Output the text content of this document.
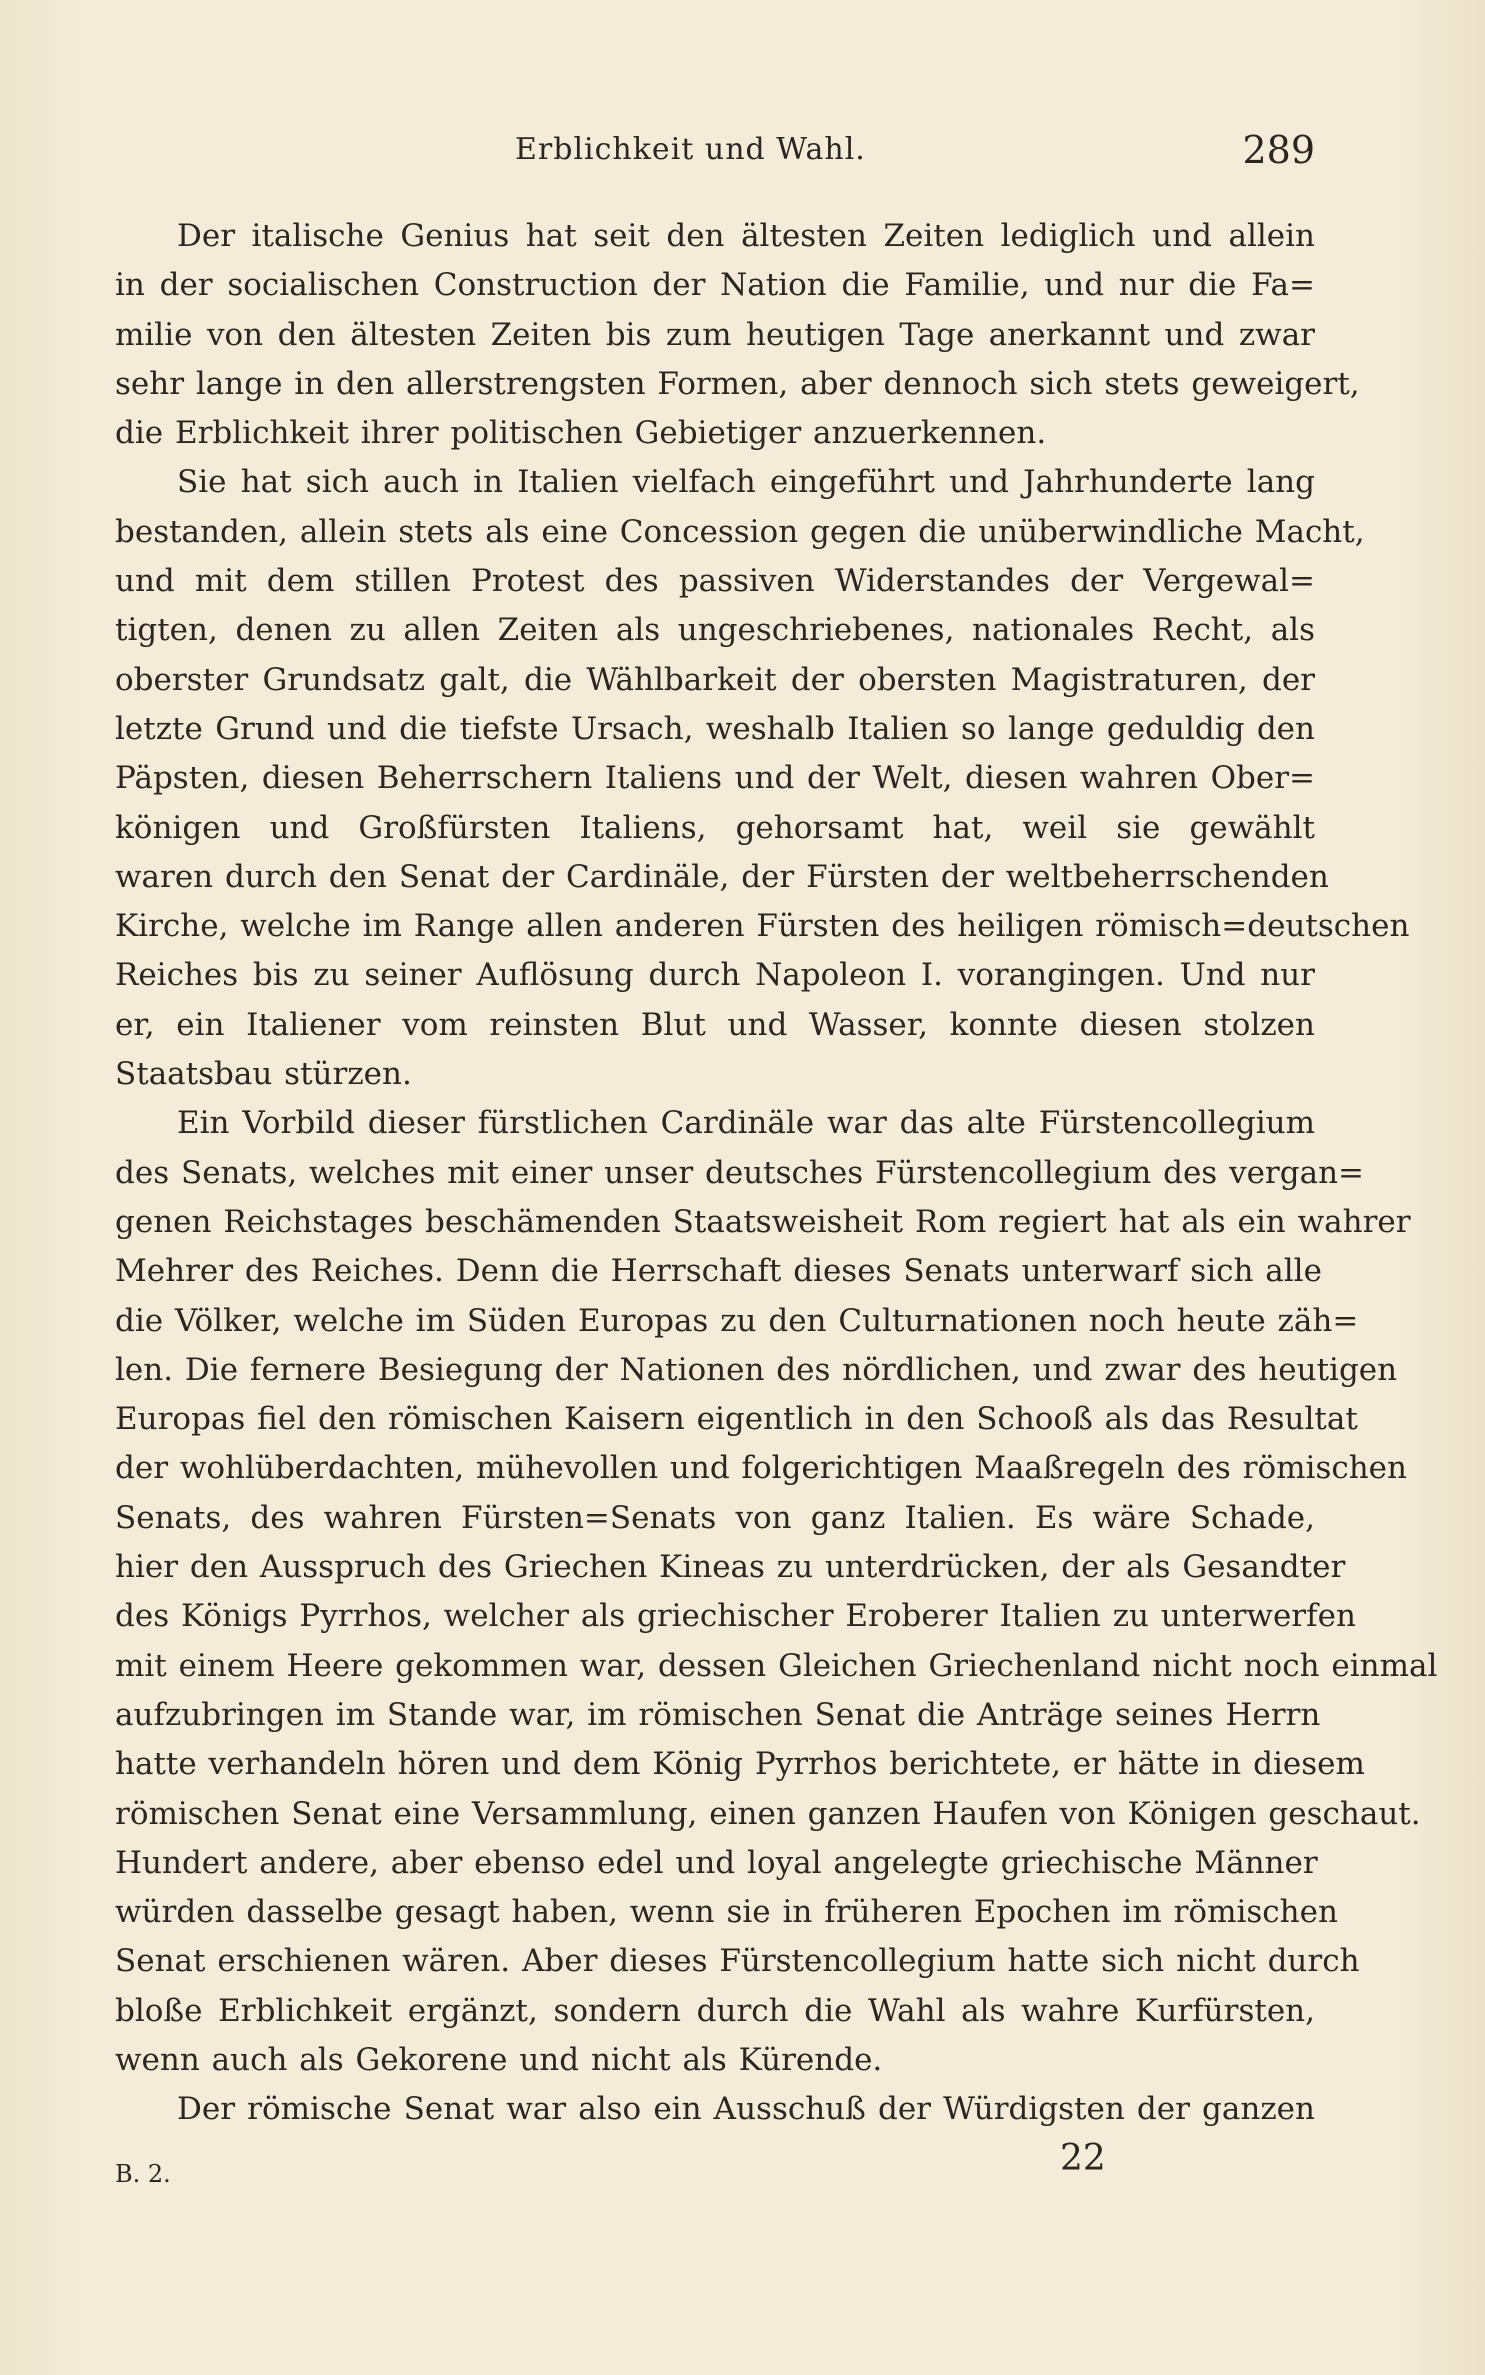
Erblichkeit und Wahl.	289
Der italische Genius hat seit den ältesten Zeiten lediglich und allein
in der socialischen Construction der Nation die Familie, und nur die Fa=
milie von den ältesten Zeiten bis zum heutigen Tage anerkannt und zwar
sehr lange in den allerstrengsten Formen, aber dennoch sich stets geweigert,
die Erblichkeit ihrer politischen Gebietiger anzuerkennen.
Sie hat sich auch in Italien vielfach eingeführt und Jahrhunderte lang
bestanden, allein stets als eine Concession gegen die unüberwindliche Macht,
und mit dem stillen Protest des passiven Widerstandes der Vergewal=
tigten, denen zu allen Zeiten als ungeschriebenes, nationales Recht, als
oberster Grundsatz galt, die Wählbarkeit der obersten Magistraturen, der
letzte Grund und die tiefste Ursach, weshalb Italien so lange geduldig den
Päpsten, diesen Beherrschern Italiens und der Welt, diesen wahren Ober=
königen und Großfürsten Italiens, gehorsamt hat, weil sie gewählt
waren durch den Senat der Cardinäle, der Fürsten der weltbeherrschenden
Kirche, welche im Range allen anderen Fürsten des heiligen römisch=deutschen
Reiches bis zu seiner Auflösung durch Napoleon I. vorangingen. Und nur
er, ein Italiener vom reinsten Blut und Wasser, konnte diesen stolzen
Staatsbau stürzen.
Ein Vorbild dieser fürstlichen Cardinäle war das alte Fürstencollegium
des Senats, welches mit einer unser deutsches Fürstencollegium des vergan=
genen Reichstages beschämenden Staatsweisheit Rom regiert hat als ein wahrer
Mehrer des Reiches. Denn die Herrschaft dieses Senats unterwarf sich alle
die Völker, welche im Süden Europas zu den Culturnationen noch heute zäh=
len. Die fernere Besiegung der Nationen des nördlichen, und zwar des heutigen
Europas fiel den römischen Kaisern eigentlich in den Schooß als das Resultat
der wohlüberdachten, mühevollen und folgerichtigen Maaßregeln des römischen
Senats, des wahren Fürsten=Senats von ganz Italien. Es wäre Schade,
hier den Ausspruch des Griechen Kineas zu unterdrücken, der als Gesandter
des Königs Pyrrhos, welcher als griechischer Eroberer Italien zu unterwerfen
mit einem Heere gekommen war, dessen Gleichen Griechenland nicht noch einmal
aufzubringen im Stande war, im römischen Senat die Anträge seines Herrn
hatte verhandeln hören und dem König Pyrrhos berichtete, er hätte in diesem
römischen Senat eine Versammlung, einen ganzen Haufen von Königen geschaut.
Hundert andere, aber ebenso edel und loyal angelegte griechische Männer
würden dasselbe gesagt haben, wenn sie in früheren Epochen im römischen
Senat erschienen wären. Aber dieses Fürstencollegium hatte sich nicht durch
bloße Erblichkeit ergänzt, sondern durch die Wahl als wahre Kurfürsten,
wenn auch als Gekorene und nicht als Kürende.
Der römische Senat war also ein Ausschuß der Würdigsten der ganzen
B. 2.	22
